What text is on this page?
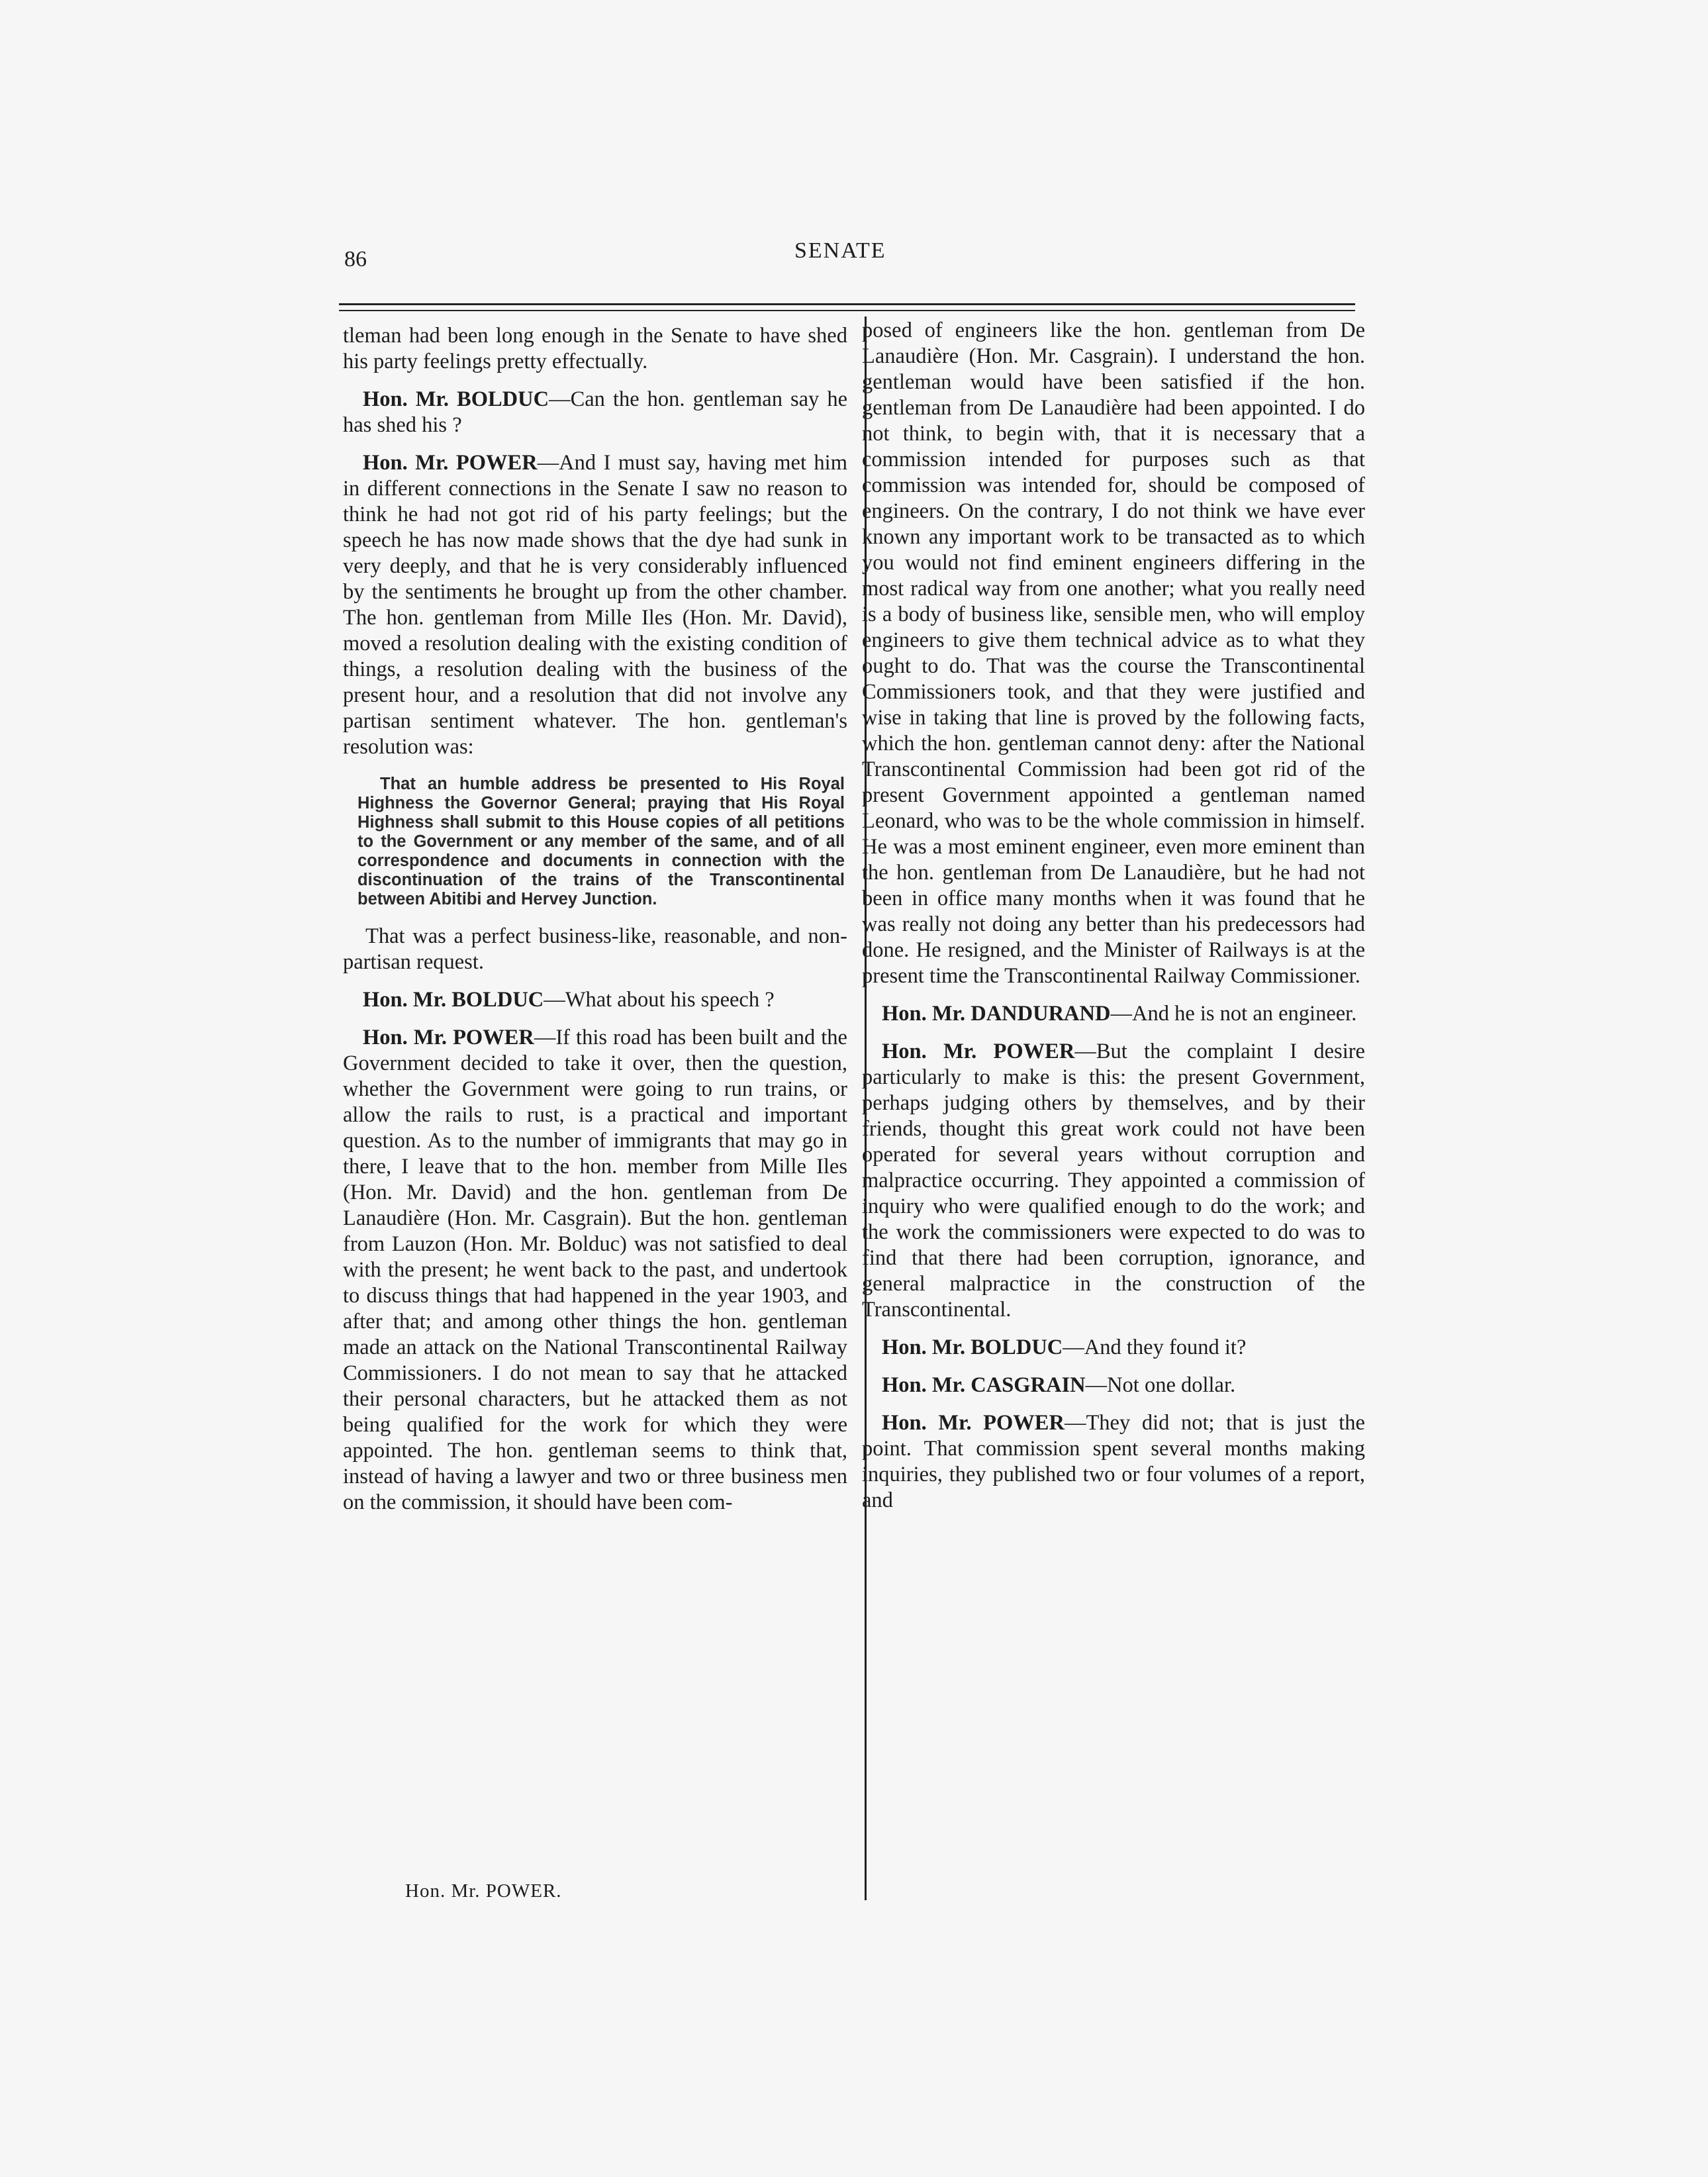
86	SENATE

tleman had been long enough in the Senate to have shed his party feelings pretty effectually.

Hon. Mr. BOLDUC—Can the hon. gentleman say he has shed his ?

Hon. Mr. POWER—And I must say, having met him in different connections in the Senate I saw no reason to think he had not got rid of his party feelings; but the speech he has now made shows that the dye had sunk in very deeply, and that he is very considerably influenced by the sentiments he brought up from the other chamber. The hon. gentleman from Mille Iles (Hon. Mr. David), moved a resolution dealing with the existing condition of things, a resolution dealing with the business of the present hour, and a resolution that did not involve any partisan sentiment whatever. The hon. gentleman's resolution was:

That an humble address be presented to His Royal Highness the Governor General; praying that His Royal Highness shall submit to this House copies of all petitions to the Government or any member of the same, and of all correspondence and documents in connection with the discontinuation of the trains of the Transcontinental between Abitibi and Hervey Junction.

That was a perfect business-like, reasonable, and non-partisan request.

Hon. Mr. BOLDUC—What about his speech ?

Hon. Mr. POWER—If this road has been built and the Government decided to take it over, then the question, whether the Government were going to run trains, or allow the rails to rust, is a practical and important question. As to the number of immigrants that may go in there, I leave that to the hon. member from Mille Iles (Hon. Mr. David) and the hon. gentleman from De Lanaudière (Hon. Mr. Casgrain). But the hon. gentleman from Lauzon (Hon. Mr. Bolduc) was not satisfied to deal with the present; he went back to the past, and undertook to discuss things that had happened in the year 1903, and after that; and among other things the hon. gentleman made an attack on the National Transcontinental Railway Commissioners. I do not mean to say that he attacked their personal characters, but he attacked them as not being qualified for the work for which they were appointed. The hon. gentleman seems to think that, instead of having a lawyer and two or three business men on the commission, it should have been com-

posed of engineers like the hon. gentleman from De Lanaudière (Hon. Mr. Casgrain). I understand the hon. gentleman would have been satisfied if the hon. gentleman from De Lanaudière had been appointed. I do not think, to begin with, that it is necessary that a commission intended for purposes such as that commission was intended for, should be composed of engineers. On the contrary, I do not think we have ever known any important work to be transacted as to which you would not find eminent engineers differing in the most radical way from one another; what you really need is a body of business like, sensible men, who will employ engineers to give them technical advice as to what they ought to do. That was the course the Transcontinental Commissioners took, and that they were justified and wise in taking that line is proved by the following facts, which the hon. gentleman cannot deny: after the National Transcontinental Commission had been got rid of the present Government appointed a gentleman named Leonard, who was to be the whole commission in himself. He was a most eminent engineer, even more eminent than the hon. gentleman from De Lanaudière, but he had not been in office many months when it was found that he was really not doing any better than his predecessors had done. He resigned, and the Minister of Railways is at the present time the Transcontinental Railway Commissioner.

Hon. Mr. DANDURAND—And he is not an engineer.

Hon. Mr. POWER—But the complaint I desire particularly to make is this: the present Government, perhaps judging others by themselves, and by their friends, thought this great work could not have been operated for several years without corruption and malpractice occurring. They appointed a commission of inquiry who were qualified enough to do the work; and the work the commissioners were expected to do was to find that there had been corruption, ignorance, and general malpractice in the construction of the Transcontinental.

Hon. Mr. BOLDUC—And they found it?

Hon. Mr. CASGRAIN—Not one dollar.

Hon. Mr. POWER—They did not; that is just the point. That commission spent several months making inquiries, they published two or four volumes of a report, and

Hon. Mr. POWER.
